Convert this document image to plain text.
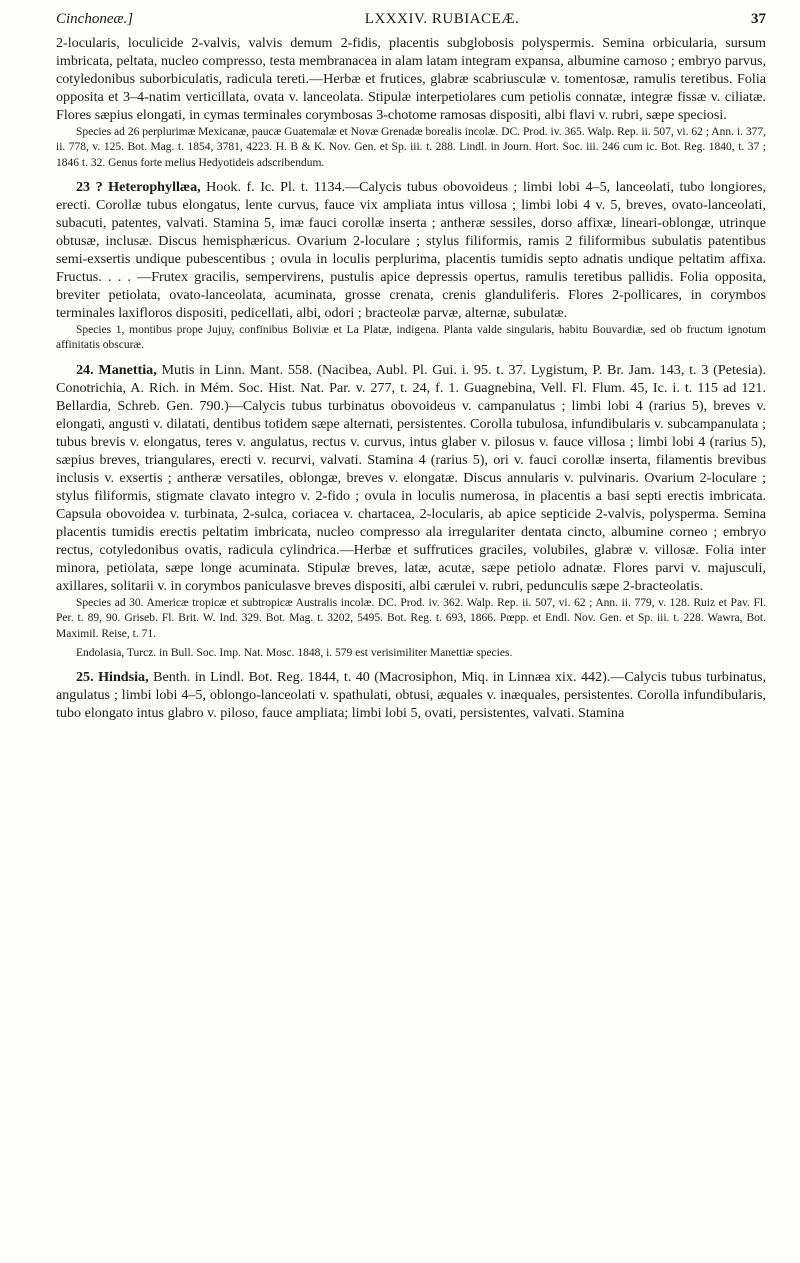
Cinchoneæ.]	LXXXIV. RUBIACEÆ.	37

2-locularis, loculicide 2-valvis, valvis demum 2-fidis, placentis subglobosis polyspermis. Semina orbicularia, sursum imbricata, peltata, nucleo compresso, testa membranacea in alam latam integram expansa, albumine carnoso ; embryo parvus, cotyledonibus suborbiculatis, radicula tereti.—Herbæ et frutices, glabræ scabriusculæ v. tomentosæ, ramulis teretibus. Folia opposita et 3–4-natim verticillata, ovata v. lanceolata. Stipulæ interpetiolares cum petiolis connatæ, integræ fissæ v. ciliatæ. Flores sæpius elongati, in cymas terminales corymbosas 3-chotome ramosas dispositi, albi flavi v. rubri, sæpe speciosi.

Species ad 26 perplurimæ Mexicanæ, paucæ Guatemalæ et Novæ Grenadæ borealis incolæ. DC. Prod. iv. 365. Walp. Rep. ii. 507, vi. 62 ; Ann. i. 377, ii. 778, v. 125. Bot. Mag. t. 1854, 3781, 4223. H. B & K. Nov. Gen. et Sp. iii. t. 288. Lindl. in Journ. Hort. Soc. iii. 246 cum ic. Bot. Reg. 1840, t. 37 ; 1846 t. 32. Genus forte melius Hedyotideis adscribendum.

23 ? Heterophyllæa, Hook. f. Ic. Pl. t. 1134.—Calycis tubus obovoideus ; limbi lobi 4–5, lanceolati, tubo longiores, erecti. Corollæ tubus elongatus, lente curvus, fauce vix ampliata intus villosa ; limbi lobi 4 v. 5, breves, ovato-lanceolati, subacuti, patentes, valvati. Stamina 5, imæ fauci corollæ inserta ; antheræ sessiles, dorso affixæ, lineari-oblongæ, utrinque obtusæ, inclusæ. Discus hemisphæricus. Ovarium 2-loculare ; stylus filiformis, ramis 2 filiformibus subulatis patentibus semi-exsertis undique pubescentibus ; ovula in loculis perplurima, placentis tumidis septo adnatis undique peltatim affixa. Fructus. . . . —Frutex gracilis, sempervirens, pustulis apice depressis opertus, ramulis teretibus pallidis. Folia opposita, breviter petiolata, ovato-lanceolata, acuminata, grosse crenata, crenis glanduliferis. Flores 2-pollicares, in corymbos terminales laxifloros dispositi, pedicellati, albi, odori ; bracteolæ parvæ, alternæ, subulatæ.

Species 1, montibus prope Jujuy, confinibus Boliviæ et La Platæ, indigena. Planta valde singularis, habitu Bouvardiæ, sed ob fructum ignotum affinitatis obscuræ.

24. Manettia, Mutis in Linn. Mant. 558. (Nacibea, Aubl. Pl. Gui. i. 95. t. 37. Lygistum, P. Br. Jam. 143, t. 3 (Petesia). Conotrichia, A. Rich. in Mém. Soc. Hist. Nat. Par. v. 277, t. 24, f. 1. Guagnebina, Vell. Fl. Flum. 45, Ic. i. t. 115 ad 121. Bellardia, Schreb. Gen. 790.)—Calycis tubus turbinatus obovoideus v. campanulatus ; limbi lobi 4 (rarius 5), breves v. elongati, angusti v. dilatati, dentibus totidem sæpe alternati, persistentes. Corolla tubulosa, infundibularis v. subcampanulata ; tubus brevis v. elongatus, teres v. angulatus, rectus v. curvus, intus glaber v. pilosus v. fauce villosa ; limbi lobi 4 (rarius 5), sæpius breves, triangulares, erecti v. recurvi, valvati. Stamina 4 (rarius 5), ori v. fauci corollæ inserta, filamentis brevibus inclusis v. exsertis ; antheræ versatiles, oblongæ, breves v. elongatæ. Discus annularis v. pulvinaris. Ovarium 2-loculare ; stylus filiformis, stigmate clavato integro v. 2-fido ; ovula in loculis numerosa, in placentis a basi septi erectis imbricata. Capsula obovoidea v. turbinata, 2-sulca, coriacea v. chartacea, 2-locularis, ab apice septicide 2-valvis, polysperma. Semina placentis tumidis erectis peltatim imbricata, nucleo compresso ala irregulariter dentata cincto, albumine corneo ; embryo rectus, cotyledonibus ovatis, radicula cylindrica.—Herbæ et suffrutices graciles, volubiles, glabræ v. villosæ. Folia inter minora, petiolata, sæpe longe acuminata. Stipulæ breves, latæ, acutæ, sæpe petiolo adnatæ. Flores parvi v. majusculi, axillares, solitarii v. in corymbos paniculasve breves dispositi, albi cærulei v. rubri, pedunculis sæpe 2-bracteolatis.

Species ad 30. Americæ tropicæ et subtropicæ Australis incolæ. DC. Prod. iv. 362. Walp. Rep. ii. 507, vi. 62 ; Ann. ii. 779, v. 128. Ruiz et Pav. Fl. Per. t. 89, 90. Griseb. Fl. Brit. W. Ind. 329. Bot. Mag. t. 3202, 5495. Bot. Reg. t. 693, 1866. Pœpp. et Endl. Nov. Gen. et Sp. iii. t. 228. Wawra, Bot. Maximil. Reise, t. 71.

Endolasia, Turcz. in Bull. Soc. Imp. Nat. Mosc. 1848, i. 579 est verisimiliter Manettiæ species.

25. Hindsia, Benth. in Lindl. Bot. Reg. 1844, t. 40 (Macrosiphon, Miq. in Linnæa xix. 442).—Calycis tubus turbinatus, angulatus ; limbi lobi 4–5, oblongo-lanceolati v. spathulati, obtusi, æquales v. inæquales, persistentes. Corolla infundibularis, tubo elongato intus glabro v. piloso, fauce ampliata; limbi lobi 5, ovati, persistentes, valvati. Stamina
